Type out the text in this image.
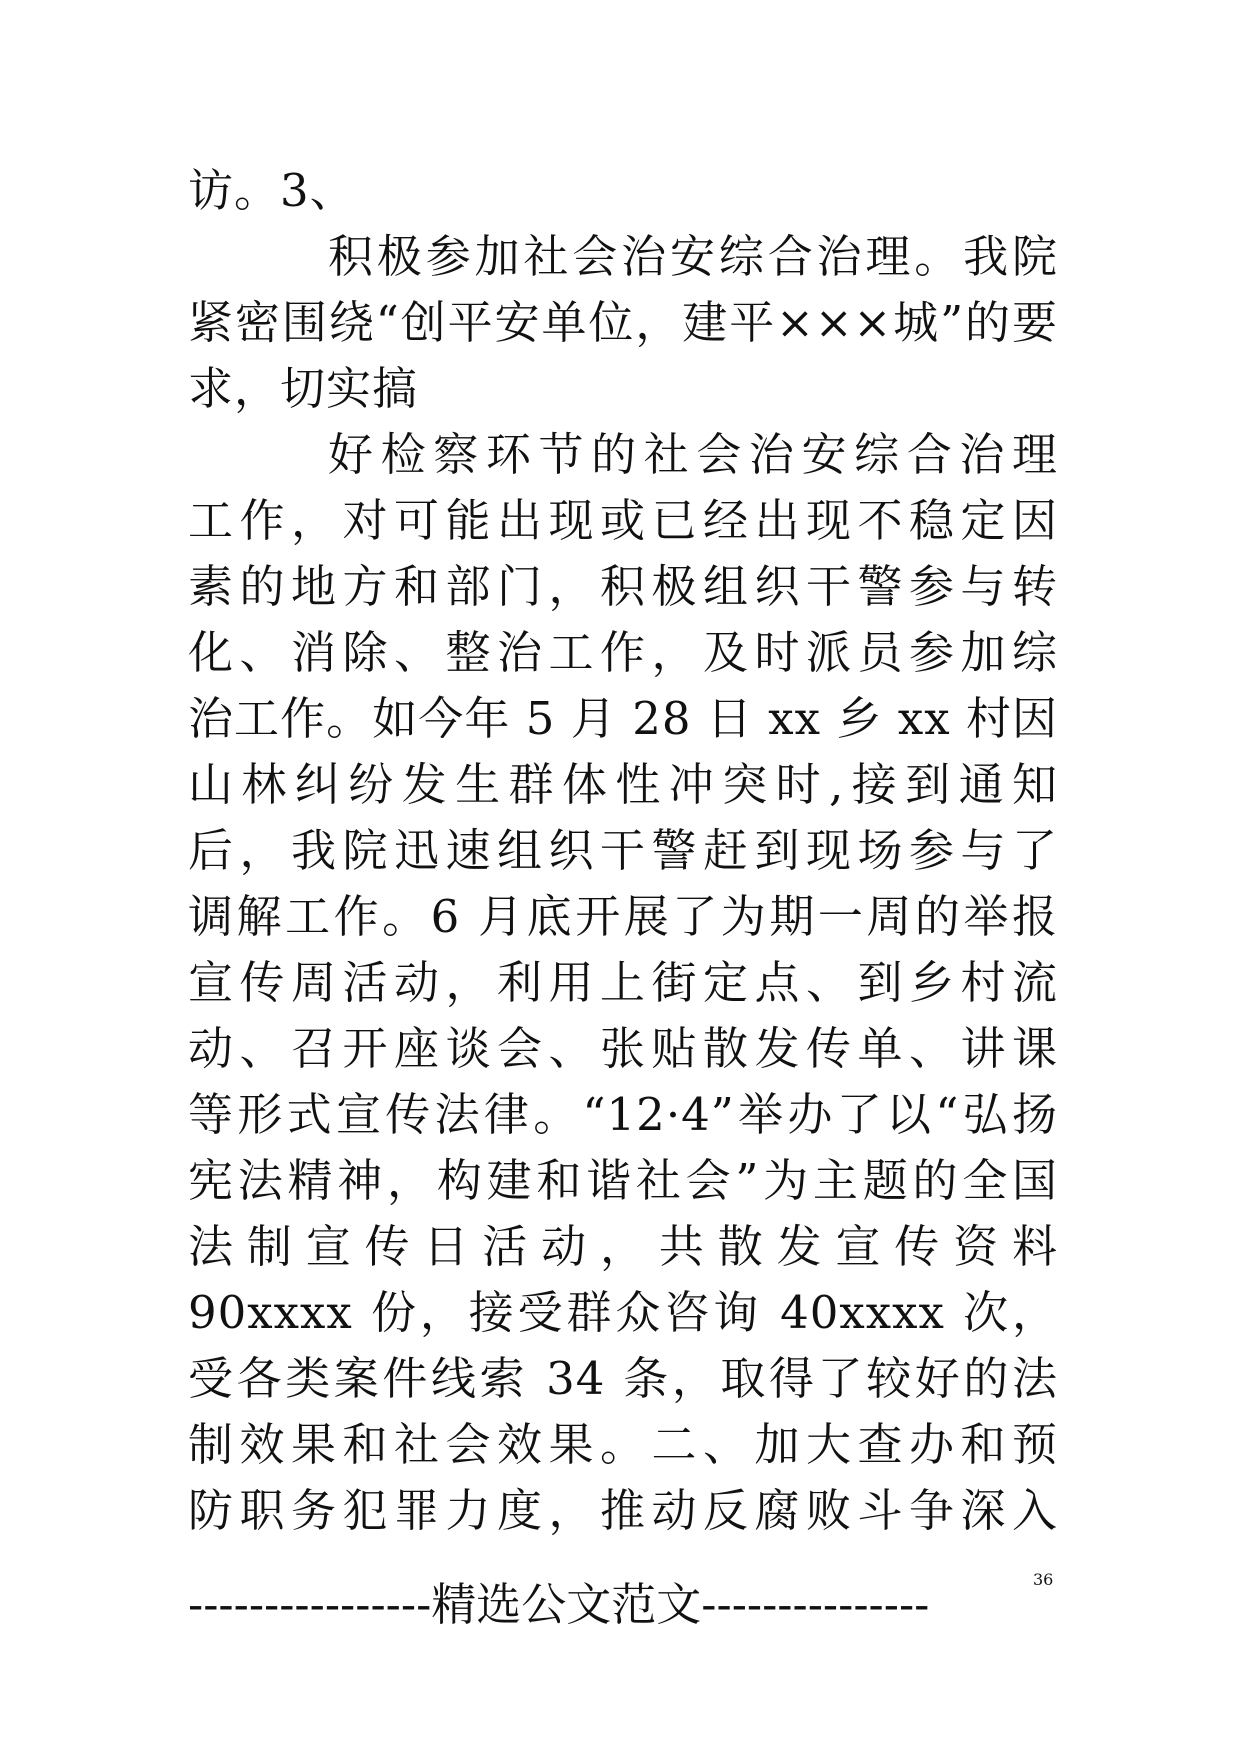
访。3、
积极参加社会治安综合治理。我院
紧密围绕“创平安单位，建平×××城”的要
求，切实搞
好检察环节的社会治安综合治理
工作，对可能出现或已经出现不稳定因
素的地方和部门，积极组织干警参与转
化、消除、整治工作，及时派员参加综
治工作。如今年 5 月 28 日 xx 乡 xx 村因
山林纠纷发生群体性冲突时,接到通知
后，我院迅速组织干警赶到现场参与了
调解工作。6 月底开展了为期一周的举报
宣传周活动，利用上街定点、到乡村流
动、召开座谈会、张贴散发传单、讲课
等形式宣传法律。“12·4”举办了以“弘扬
宪法精神，构建和谐社会”为主题的全国
法制宣传日活动，共散发宣传资料
90xxxx 份，接受群众咨询 40xxxx 次，
受各类案件线索 34 条，取得了较好的法
制效果和社会效果。二、加大查办和预
防职务犯罪力度，推动反腐败斗争深入
----------------精选公文范文---------------	36
